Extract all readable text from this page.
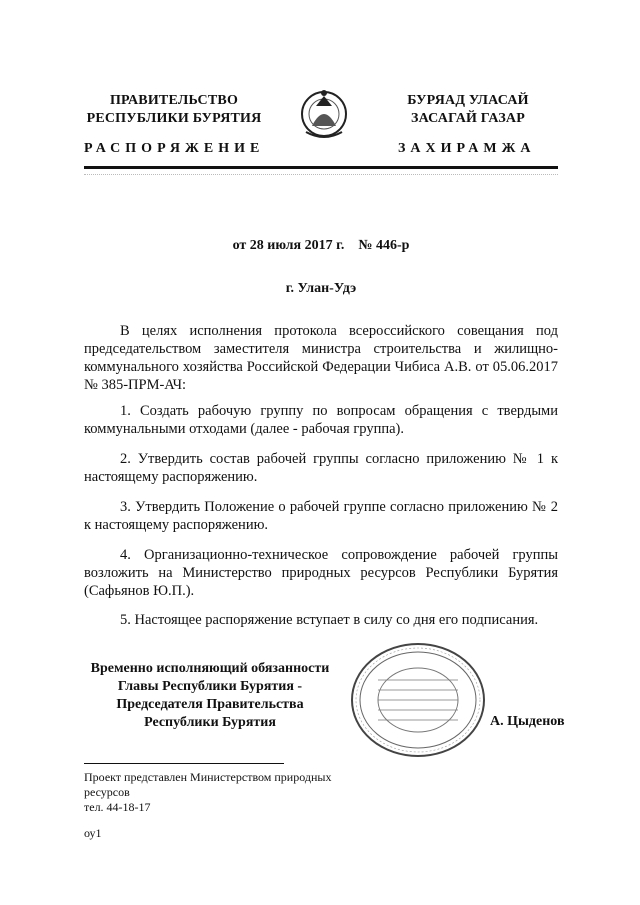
ПРАВИТЕЛЬСТВО
РЕСПУБЛИКИ БУРЯТИЯ
БУРЯАД УЛАСАЙ
ЗАСАГАЙ ГАЗАР
РАСПОРЯЖЕНИЕ	ЗАХИРАМЖА
от 28 июля 2017 г.    № 446-р
г. Улан-Удэ

В целях исполнения протокола всероссийского совещания под председательством заместителя министра строительства и жилищно-коммунального хозяйства Российской Федерации Чибиса А.В. от 05.06.2017 № 385-ПРМ-АЧ:

1. Создать рабочую группу по вопросам обращения с твердыми коммунальными отходами (далее - рабочая группа).

2. Утвердить состав рабочей группы согласно приложению № 1 к настоящему распоряжению.

3. Утвердить Положение о рабочей группе согласно приложению № 2 к настоящему распоряжению.

4. Организационно-техническое сопровождение рабочей группы возложить на Министерство природных ресурсов Республики Бурятия (Сафьянов Ю.П.).

5. Настоящее распоряжение вступает в силу со дня его подписания.

Временно исполняющий обязанности
Главы Республики Бурятия -
Председателя Правительства
Республики Бурятия	А. Цыденов
Проект представлен Министерством природных
ресурсов
тел. 44-18-17
оу1
